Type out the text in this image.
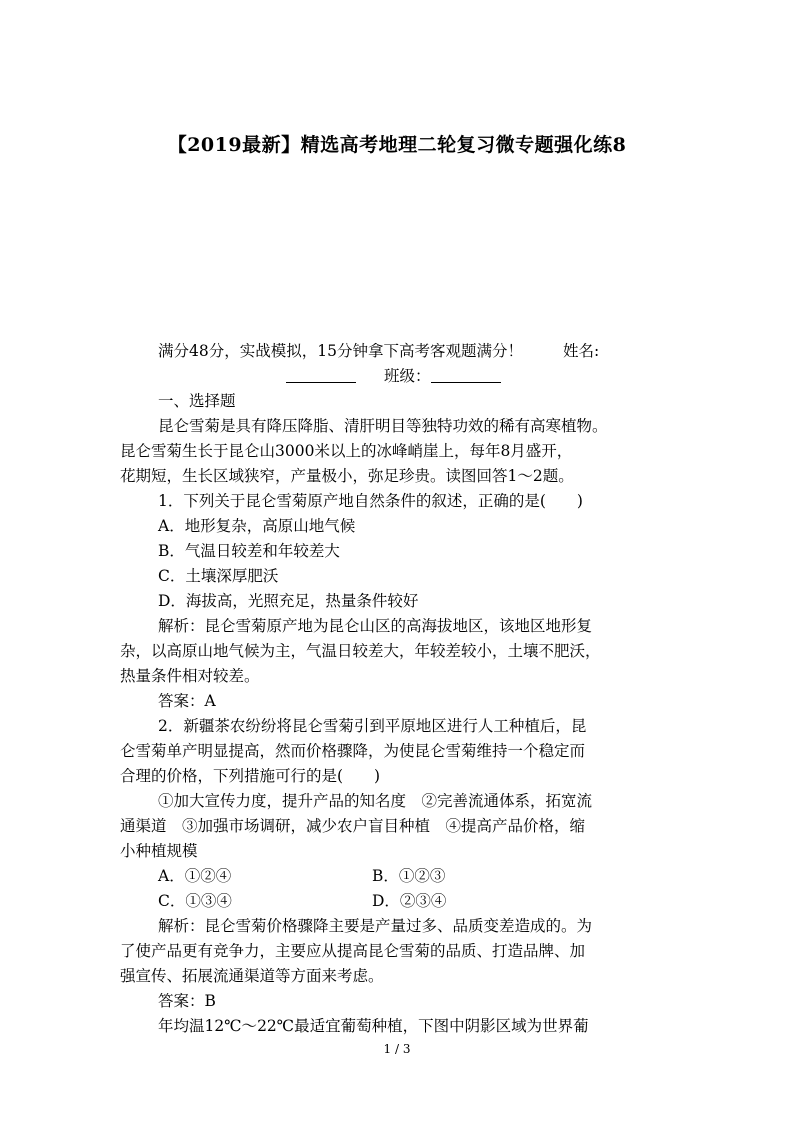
【2019最新】精选高考地理二轮复习微专题强化练8
满分48分，实战模拟，15分钟拿下高考客观题满分！	姓名:
班级：
一、选择题
昆仑雪菊是具有降压降脂、清肝明目等独特功效的稀有高寒植物。
昆仑雪菊生长于昆仑山3000米以上的冰峰峭崖上，每年8月盛开，
花期短，生长区域狭窄，产量极小，弥足珍贵。读图回答1～2题。
1．下列关于昆仑雪菊原产地自然条件的叙述，正确的是(　　)
A．地形复杂，高原山地气候
B．气温日较差和年较差大
C．土壤深厚肥沃
D．海拔高，光照充足，热量条件较好
解析：昆仑雪菊原产地为昆仑山区的高海拔地区，该地区地形复
杂，以高原山地气候为主，气温日较差大，年较差较小，土壤不肥沃，
热量条件相对较差。
答案：A
2．新疆茶农纷纷将昆仑雪菊引到平原地区进行人工种植后，昆
仑雪菊单产明显提高，然而价格骤降，为使昆仑雪菊维持一个稳定而
合理的价格，下列措施可行的是(　　)
①加大宣传力度，提升产品的知名度　②完善流通体系，拓宽流
通渠道　③加强市场调研，减少农户盲目种植　④提高产品价格，缩
小种植规模
A．①②④	B．①②③
C．①③④	D．②③④
解析：昆仑雪菊价格骤降主要是产量过多、品质变差造成的。为
了使产品更有竞争力，主要应从提高昆仑雪菊的品质、打造品牌、加
强宣传、拓展流通渠道等方面来考虑。
答案：B
年均温12℃～22℃最适宜葡萄种植，下图中阴影区域为世界葡
1 / 3
